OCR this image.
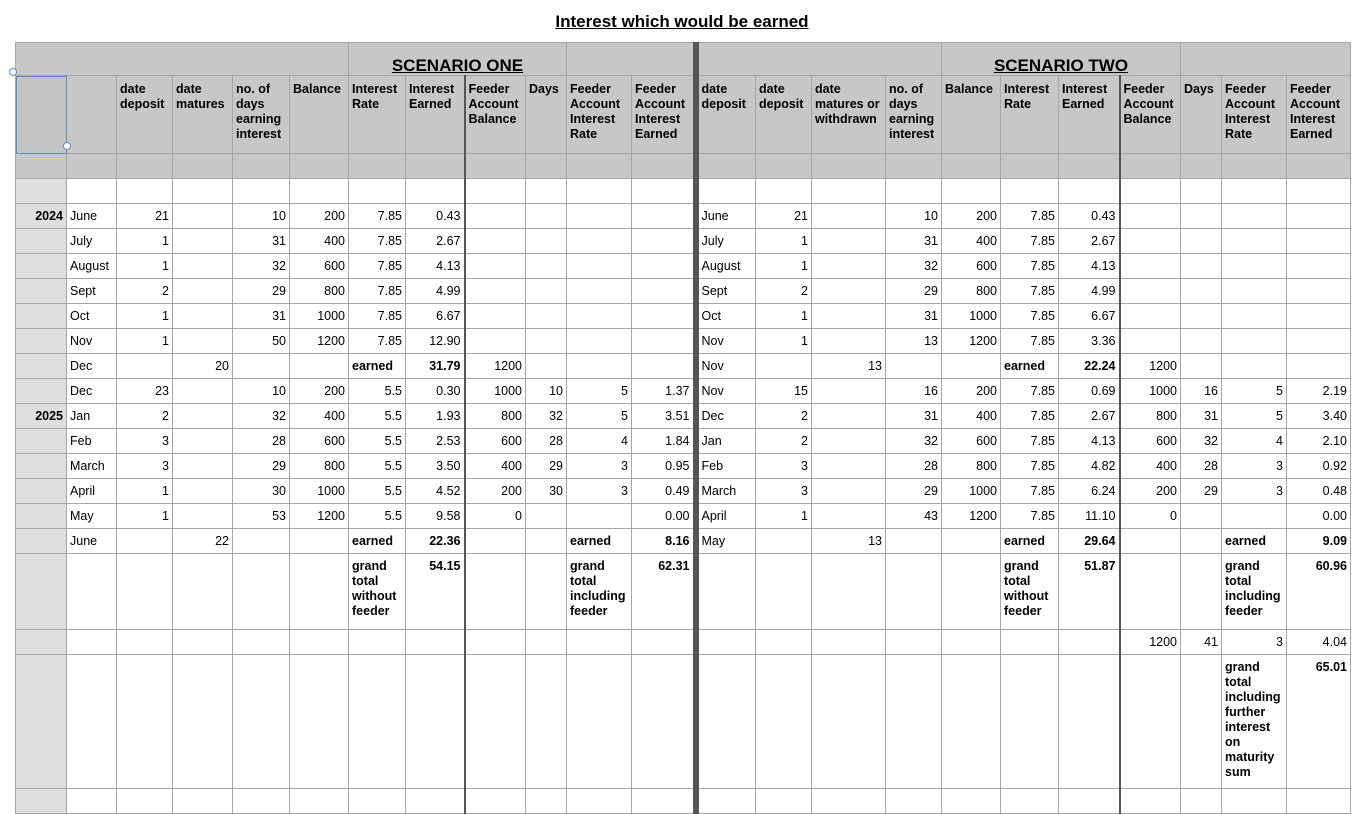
Interest which would be earned
						SCENARIO ONE										SCENARIO TWO						
		date deposit	date matures	no. of days earning interest	Balance	Interest Rate	Interest Earned	Feeder Account Balance	Days	Feeder Account Interest Rate	Feeder Account Interest Earned	date deposit	date deposit	date matures or withdrawn	no. of days earning interest	Balance	Interest Rate	Interest Earned	Feeder Account Balance	Days	Feeder Account Interest Rate	Feeder Account Interest Earned

2024	June	21		10	200	7.85	0.43					June	21		10	200	7.85	0.43				
	July	1		31	400	7.85	2.67					July	1		31	400	7.85	2.67				
	August	1		32	600	7.85	4.13					August	1		32	600	7.85	4.13				
	Sept	2		29	800	7.85	4.99					Sept	2		29	800	7.85	4.99				
	Oct	1		31	1000	7.85	6.67					Oct	1		31	1000	7.85	6.67				
	Nov	1		50	1200	7.85	12.90					Nov	1		13	1200	7.85	3.36				
	Dec		20			earned	31.79	1200				Nov		13			earned	22.24	1200			
	Dec	23		10	200	5.5	0.30	1000	10	5	1.37	Nov	15		16	200	7.85	0.69	1000	16	5	2.19
2025	Jan	2		32	400	5.5	1.93	800	32	5	3.51	Dec	2		31	400	7.85	2.67	800	31	5	3.40
	Feb	3		28	600	5.5	2.53	600	28	4	1.84	Jan	2		32	600	7.85	4.13	600	32	4	2.10
	March	3		29	800	5.5	3.50	400	29	3	0.95	Feb	3		28	800	7.85	4.82	400	28	3	0.92
	April	1		30	1000	5.5	4.52	200	30	3	0.49	March	3		29	1000	7.85	6.24	200	29	3	0.48
	May	1		53	1200	5.5	9.58	0			0.00	April	1		43	1200	7.85	11.10	0			0.00
	June		22			earned	22.36			earned	8.16	May		13			earned	29.64			earned	9.09
						grand total without feeder	54.15			grand total including feeder	62.31						grand total without feeder	51.87			grand total including feeder	60.96
																			1200	41	3	4.04
																					grand total including further interest on maturity sum	65.01
